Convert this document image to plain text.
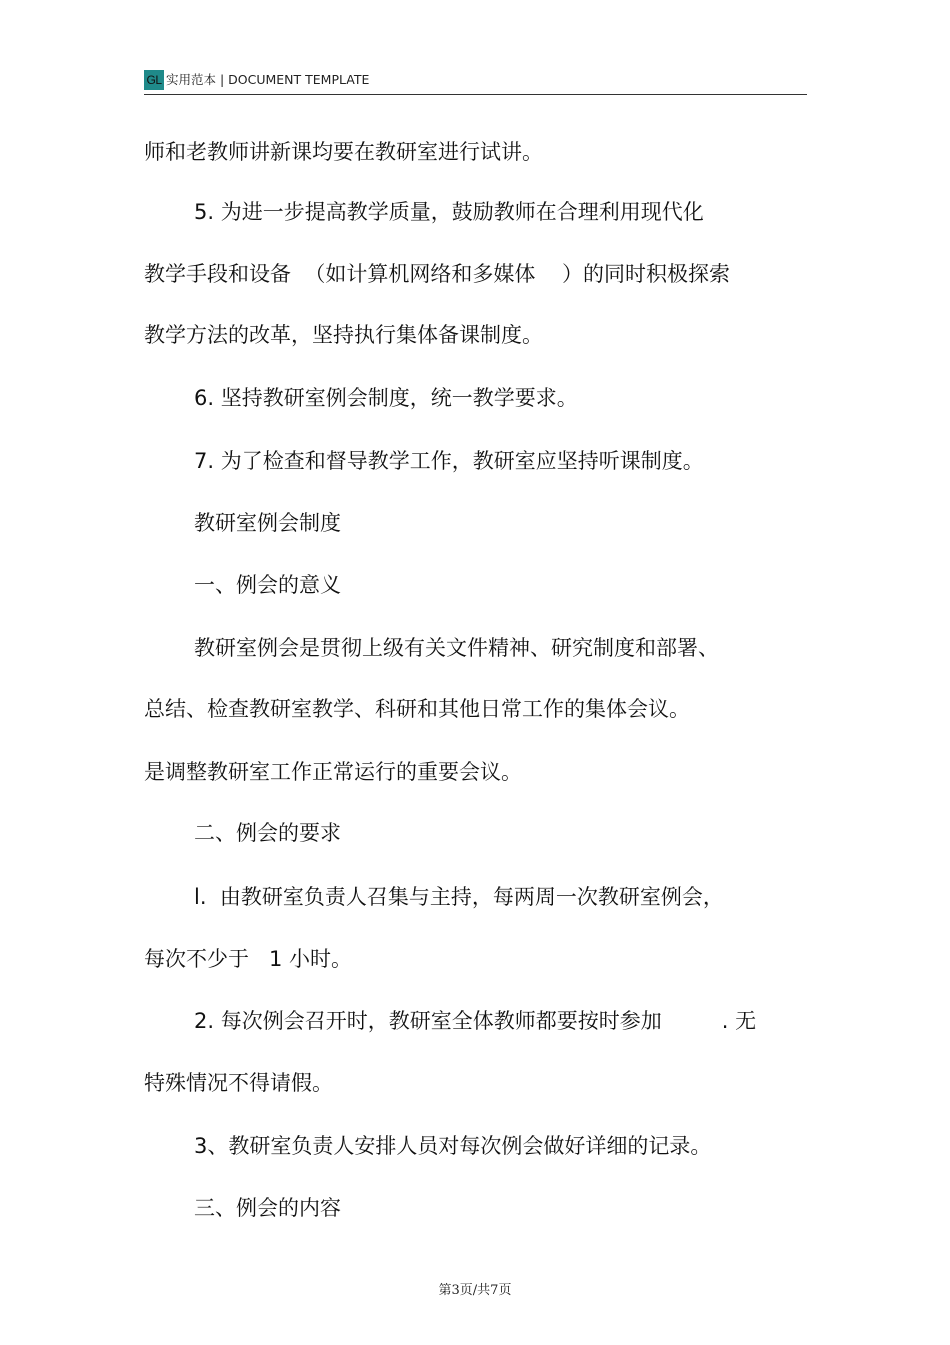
GL 实用范本 | DOCUMENT TEMPLATE
师和老教师讲新课均要在教研室进行试讲。
5. 为进一步提高教学质量，鼓励教师在合理利用现代化
教学手段和设备  （如计算机网络和多媒体    ）的同时积极探索
教学方法的改革，坚持执行集体备课制度。
6. 坚持教研室例会制度，统一教学要求。
7. 为了检查和督导教学工作，教研室应坚持听课制度。
教研室例会制度
一、例会的意义
教研室例会是贯彻上级有关文件精神、研究制度和部署、
总结、检查教研室教学、科研和其他日常工作的集体会议。
是调整教研室工作正常运行的重要会议。
二、例会的要求
l.  由教研室负责人召集与主持，每两周一次教研室例会，
每次不少于   1 小时。
2. 每次例会召开时，教研室全体教师都要按时参加         . 无
特殊情况不得请假。
3、教研室负责人安排人员对每次例会做好详细的记录。
三、例会的内容
第3页/共7页
